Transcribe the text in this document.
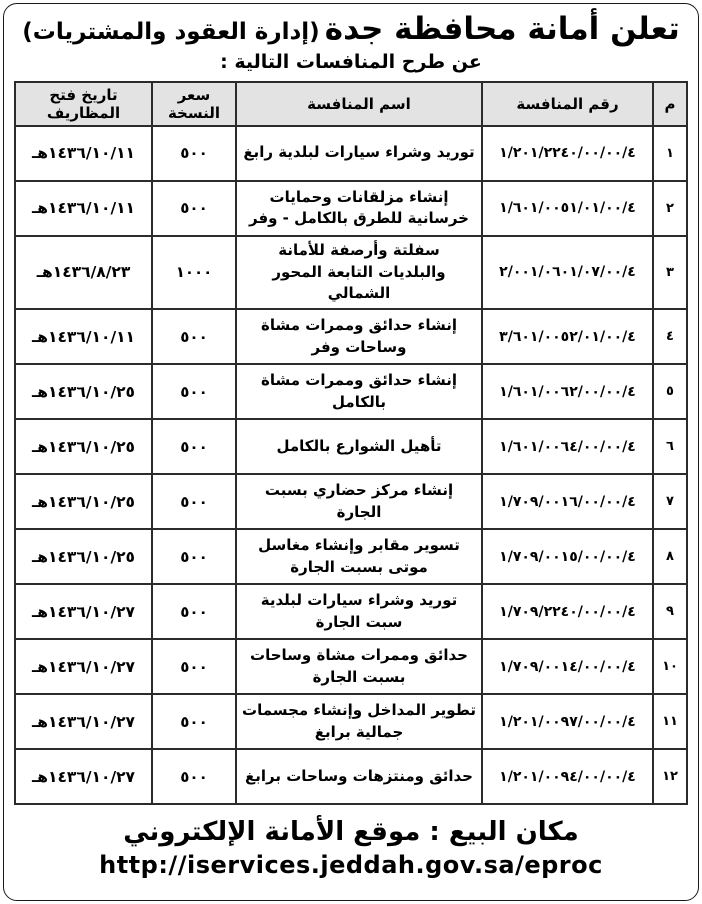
تعلن أمانة محافظة جدة (إدارة العقود والمشتريات)
عن طرح المنافسات التالية :
م	رقم المنافسة	اسم المنافسة	سعر النسخة	تاريخ فتح المظاريف
١	١/٢٠١/٢٢٤٠/٠٠/٠٠/٤	توريد وشراء سيارات لبلدية رابغ	٥٠٠	١٤٣٦/١٠/١١هـ
٢	١/٦٠١/٠٠٥١/٠١/٠٠/٤	إنشاء مزلقانات وحمايات خرسانية للطرق بالكامل - وفر	٥٠٠	١٤٣٦/١٠/١١هـ
٣	٢/٠٠١/٠٦٠١/٠٧/٠٠/٤	سفلتة وأرصفة للأمانة والبلديات التابعة المحور الشمالي	١٠٠٠	١٤٣٦/٨/٢٣هـ
٤	٣/٦٠١/٠٠٥٢/٠١/٠٠/٤	إنشاء حدائق وممرات مشاة وساحات وفر	٥٠٠	١٤٣٦/١٠/١١هـ
٥	١/٦٠١/٠٠٦٢/٠٠/٠٠/٤	إنشاء حدائق وممرات مشاة بالكامل	٥٠٠	١٤٣٦/١٠/٢٥هـ
٦	١/٦٠١/٠٠٦٤/٠٠/٠٠/٤	تأهيل الشوارع بالكامل	٥٠٠	١٤٣٦/١٠/٢٥هـ
٧	١/٧٠٩/٠٠١٦/٠٠/٠٠/٤	إنشاء مركز حضاري بسبت الجارة	٥٠٠	١٤٣٦/١٠/٢٥هـ
٨	١/٧٠٩/٠٠١٥/٠٠/٠٠/٤	تسوير مقابر وإنشاء مغاسل موتى بسبت الجارة	٥٠٠	١٤٣٦/١٠/٢٥هـ
٩	١/٧٠٩/٢٢٤٠/٠٠/٠٠/٤	توريد وشراء سيارات لبلدية سبت الجارة	٥٠٠	١٤٣٦/١٠/٢٧هـ
١٠	١/٧٠٩/٠٠١٤/٠٠/٠٠/٤	حدائق وممرات مشاة وساحات بسبت الجارة	٥٠٠	١٤٣٦/١٠/٢٧هـ
١١	١/٢٠١/٠٠٩٧/٠٠/٠٠/٤	تطوير المداخل وإنشاء مجسمات جمالية برابغ	٥٠٠	١٤٣٦/١٠/٢٧هـ
١٢	١/٢٠١/٠٠٩٤/٠٠/٠٠/٤	حدائق ومنتزهات وساحات برابغ	٥٠٠	١٤٣٦/١٠/٢٧هـ
مكان البيع : موقع الأمانة الإلكتروني
http://iservices.jeddah.gov.sa/eproc
